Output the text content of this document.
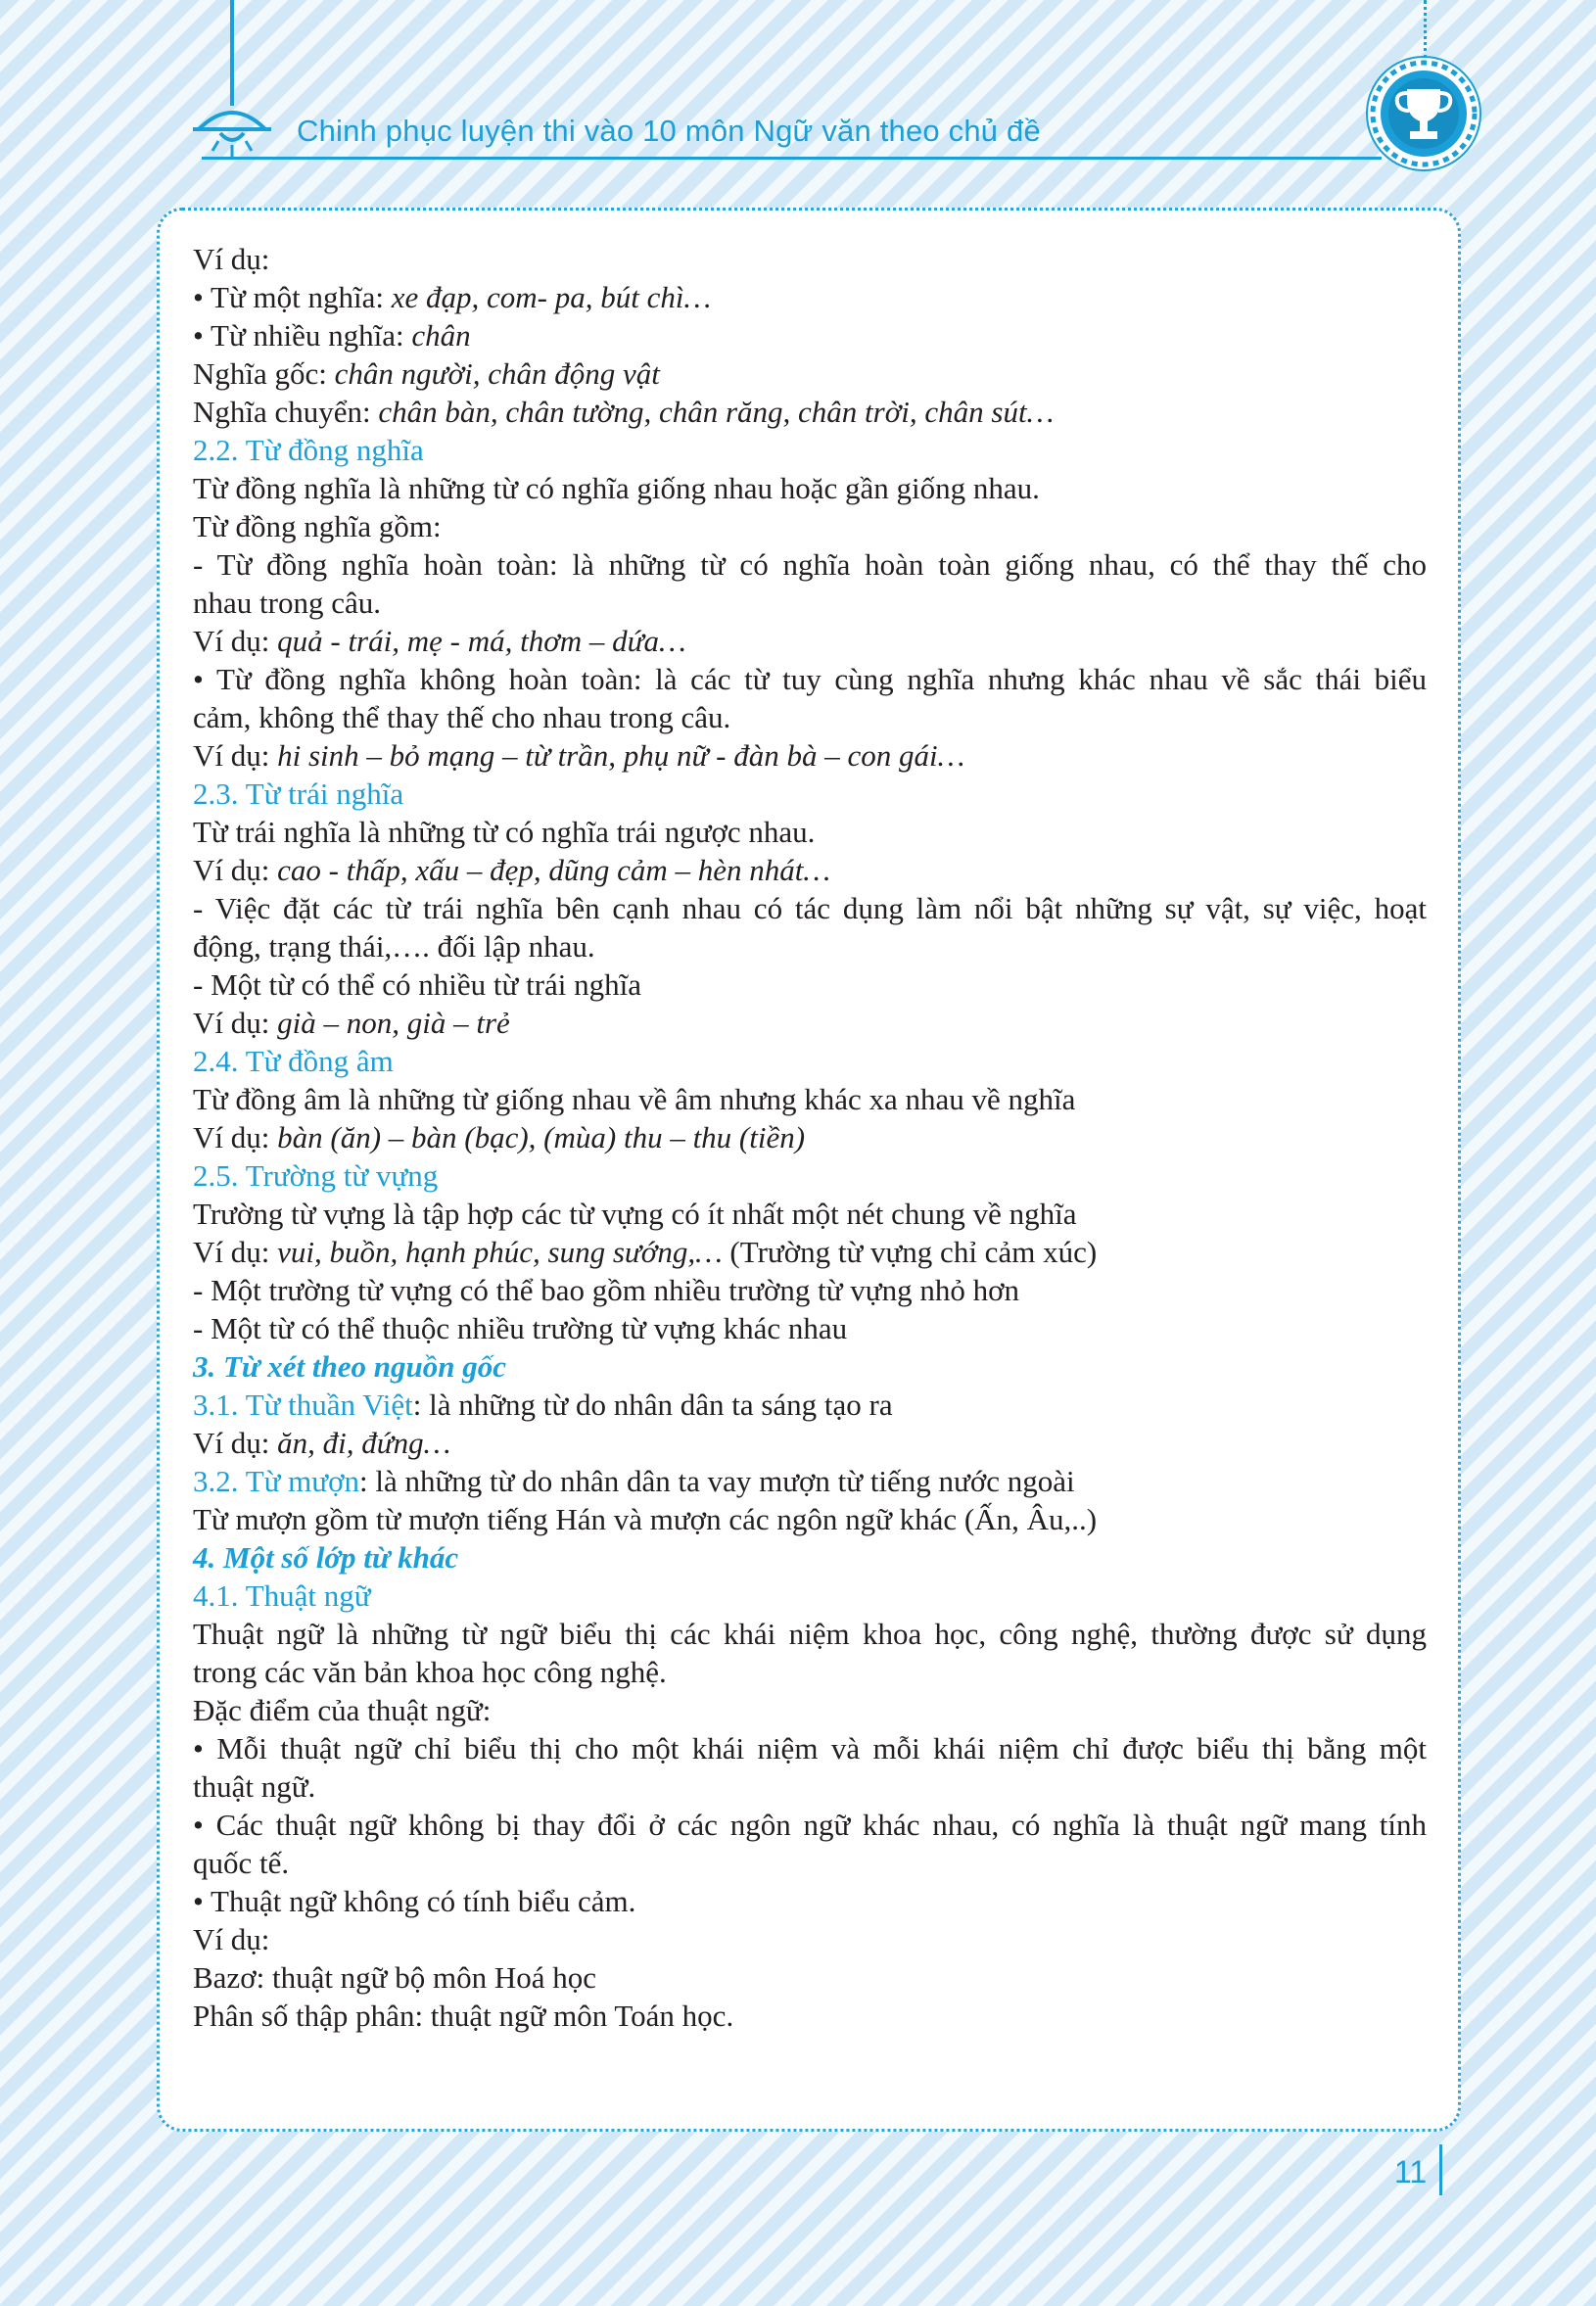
Chinh phục luyện thi vào 10 môn Ngữ văn theo chủ đề
Ví dụ:
• Từ một nghĩa: xe đạp, com- pa, bút chì…
• Từ nhiều nghĩa: chân
Nghĩa gốc: chân người, chân động vật
Nghĩa chuyển: chân bàn, chân tường, chân răng, chân trời, chân sút…
2.2. Từ đồng nghĩa
Từ đồng nghĩa là những từ có nghĩa giống nhau hoặc gần giống nhau.
Từ đồng nghĩa gồm:
- Từ đồng nghĩa hoàn toàn: là những từ có nghĩa hoàn toàn giống nhau, có thể thay thế cho
nhau trong câu.
Ví dụ: quả - trái, mẹ - má, thơm – dứa…
• Từ đồng nghĩa không hoàn toàn: là các từ tuy cùng nghĩa nhưng khác nhau về sắc thái biểu
cảm, không thể thay thế cho nhau trong câu.
Ví dụ: hi sinh – bỏ mạng – từ trần, phụ nữ - đàn bà – con gái…
2.3. Từ trái nghĩa
Từ trái nghĩa là những từ có nghĩa trái ngược nhau.
Ví dụ: cao - thấp, xấu – đẹp, dũng cảm – hèn nhát…
- Việc đặt các từ trái nghĩa bên cạnh nhau có tác dụng làm nổi bật những sự vật, sự việc, hoạt
động, trạng thái,…. đối lập nhau.
- Một từ có thể có nhiều từ trái nghĩa
Ví dụ: già – non, già – trẻ
2.4. Từ đồng âm
Từ đồng âm là những từ giống nhau về âm nhưng khác xa nhau về nghĩa
Ví dụ: bàn (ăn) – bàn (bạc), (mùa) thu – thu (tiền)
2.5. Trường từ vựng
Trường từ vựng là tập hợp các từ vựng có ít nhất một nét chung về nghĩa
Ví dụ: vui, buồn, hạnh phúc, sung sướng,… (Trường từ vựng chỉ cảm xúc)
- Một trường từ vựng có thể bao gồm nhiều trường từ vựng nhỏ hơn
- Một từ có thể thuộc nhiều trường từ vựng khác nhau
3. Từ xét theo nguồn gốc
3.1. Từ thuần Việt: là những từ do nhân dân ta sáng tạo ra
Ví dụ: ăn, đi, đứng…
3.2. Từ mượn: là những từ do nhân dân ta vay mượn từ tiếng nước ngoài
Từ mượn gồm từ mượn tiếng Hán và mượn các ngôn ngữ khác (Ấn, Âu,..)
4. Một số lớp từ khác
4.1. Thuật ngữ
Thuật ngữ là những từ ngữ biểu thị các khái niệm khoa học, công nghệ, thường được sử dụng
trong các văn bản khoa học công nghệ.
Đặc điểm của thuật ngữ:
• Mỗi thuật ngữ chỉ biểu thị cho một khái niệm và mỗi khái niệm chỉ được biểu thị bằng một
thuật ngữ.
• Các thuật ngữ không bị thay đổi ở các ngôn ngữ khác nhau, có nghĩa là thuật ngữ mang tính
quốc tế.
• Thuật ngữ không có tính biểu cảm.
Ví dụ:
Bazơ: thuật ngữ bộ môn Hoá học
Phân số thập phân: thuật ngữ môn Toán học.
11
